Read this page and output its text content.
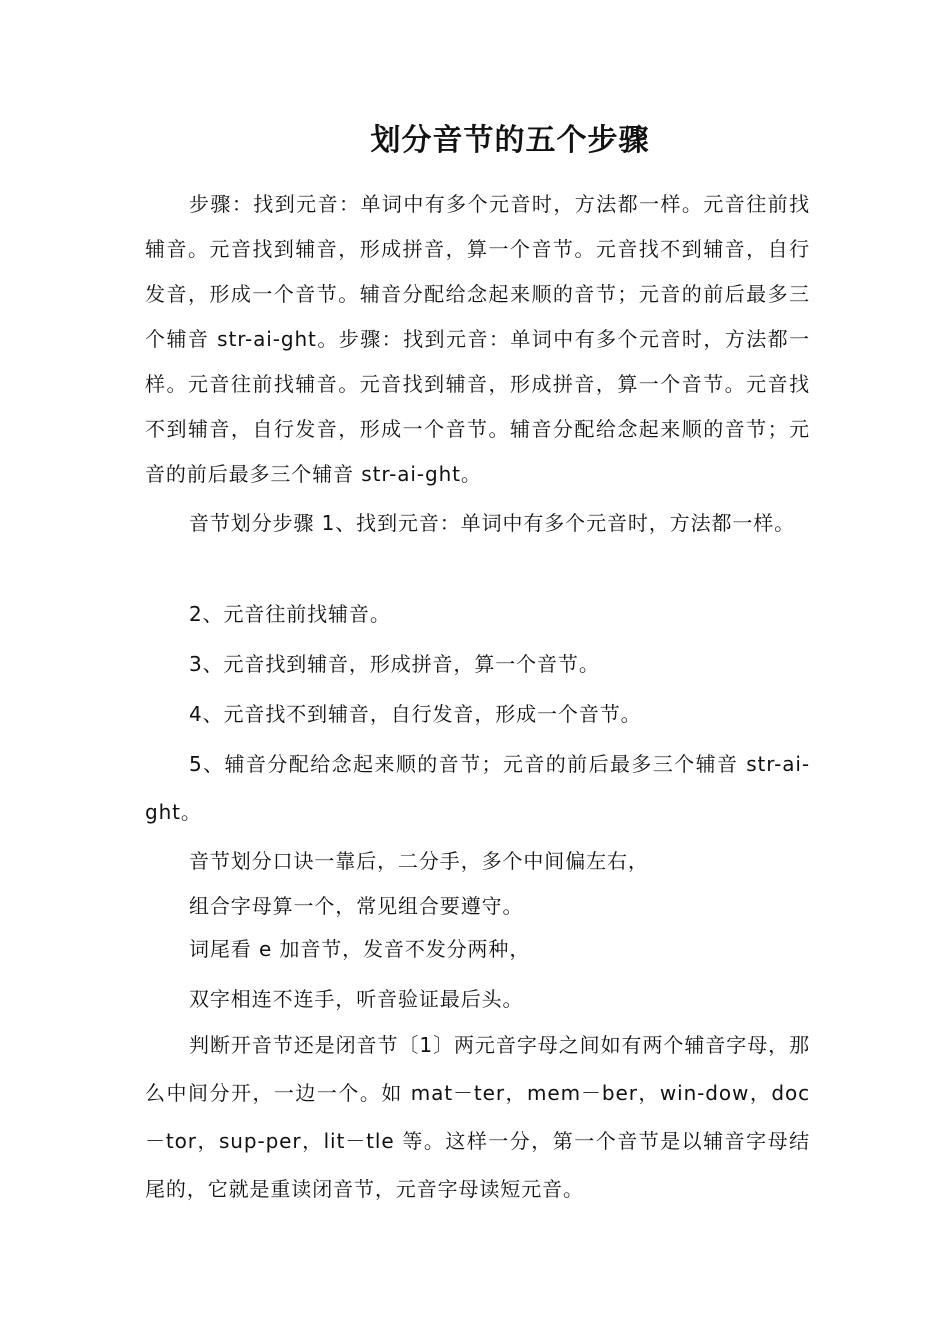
划分音节的五个步骤

步骤：找到元音：单词中有多个元音时，方法都一样。元音往前找辅音。元音找到辅音，形成拼音，算一个音节。元音找不到辅音，自行发音，形成一个音节。辅音分配给念起来顺的音节；元音的前后最多三个辅音 str-ai-ght。步骤：找到元音：单词中有多个元音时，方法都一样。元音往前找辅音。元音找到辅音，形成拼音，算一个音节。元音找不到辅音，自行发音，形成一个音节。辅音分配给念起来顺的音节；元音的前后最多三个辅音 str-ai-ght。

音节划分步骤 1、找到元音：单词中有多个元音时，方法都一样。

2、元音往前找辅音。

3、元音找到辅音，形成拼音，算一个音节。

4、元音找不到辅音，自行发音，形成一个音节。

5、辅音分配给念起来顺的音节；元音的前后最多三个辅音 str-ai-ght。

音节划分口诀一靠后，二分手，多个中间偏左右，

组合字母算一个，常见组合要遵守。

词尾看 e 加音节，发音不发分两种，

双字相连不连手，听音验证最后头。

判断开音节还是闭音节〔1〕两元音字母之间如有两个辅音字母，那么中间分开，一边一个。如 mat－ter，mem－ber，win-dow，doc－tor，sup-per，lit－tle 等。这样一分，第一个音节是以辅音字母结尾的，它就是重读闭音节，元音字母读短元音。
